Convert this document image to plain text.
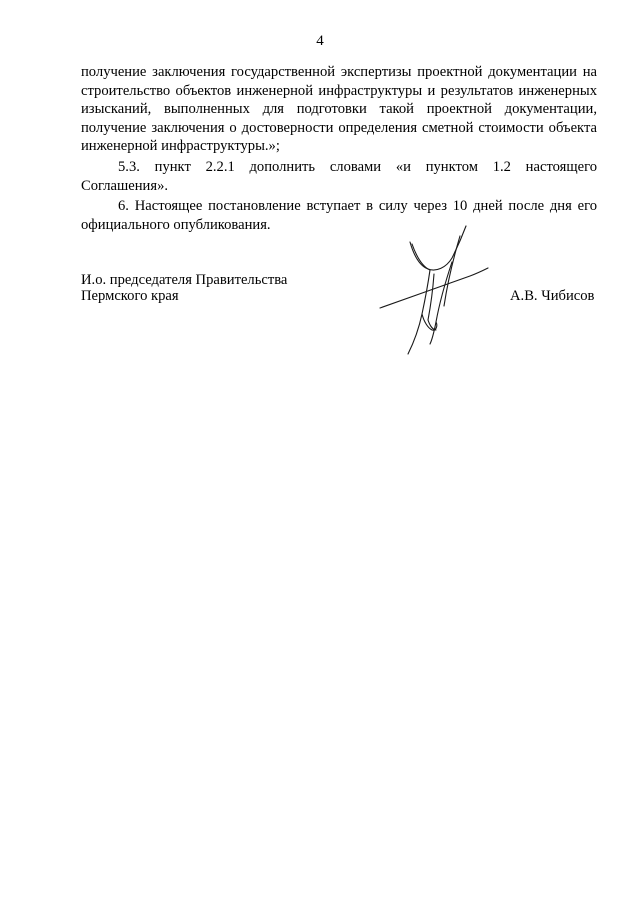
4

получение заключения государственной экспертизы проектной документации на строительство объектов инженерной инфраструктуры и результатов инженерных изысканий, выполненных для подготовки такой проектной документации, получение заключения о достоверности определения сметной стоимости объекта инженерной инфраструктуры.»;

5.3. пункт 2.2.1 дополнить словами «и пунктом 1.2 настоящего Соглашения».

6. Настоящее постановление вступает в силу через 10 дней после дня его официального опубликования.

И.о. председателя Правительства
Пермского края	А.В. Чибисов
